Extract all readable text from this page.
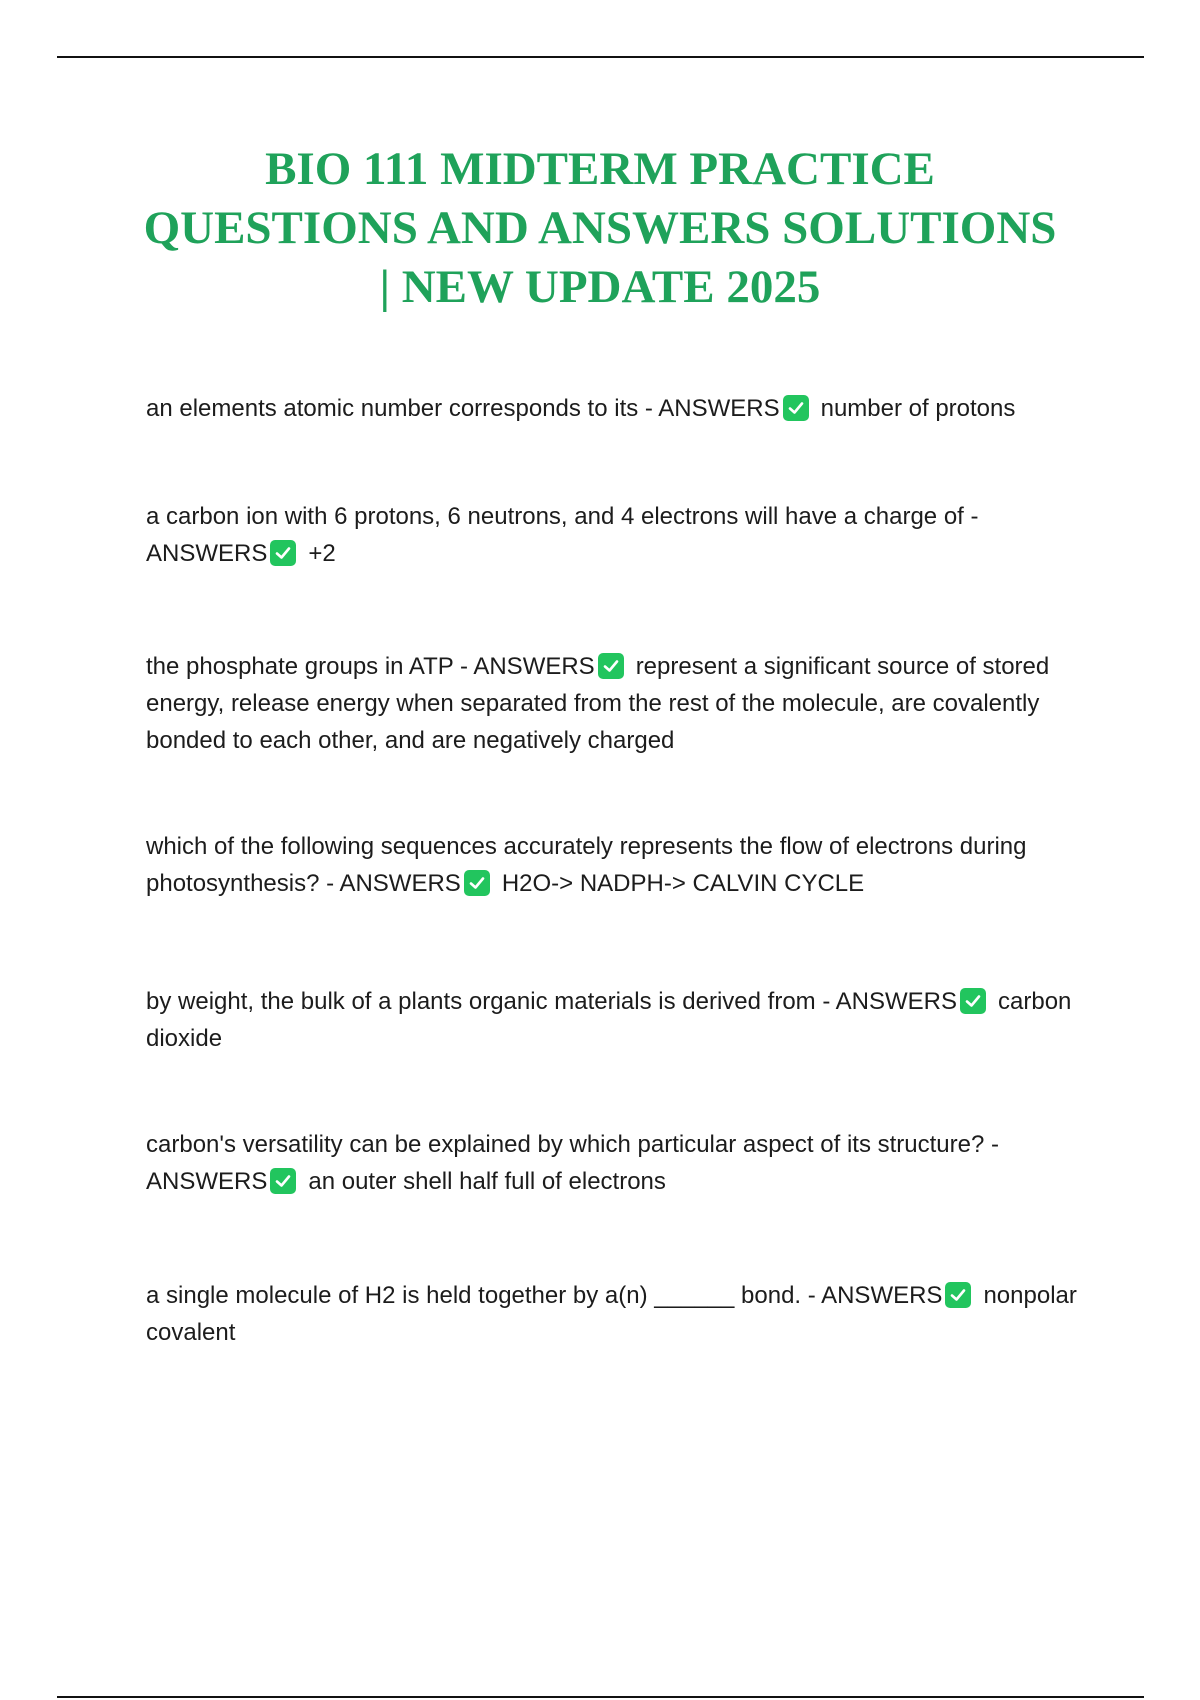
BIO 111 MIDTERM PRACTICE
QUESTIONS AND ANSWERS SOLUTIONS
| NEW UPDATE 2025

an elements atomic number corresponds to its - ANSWERS number of protons

a carbon ion with 6 protons, 6 neutrons, and 4 electrons will have a charge of - ANSWERS +2

the phosphate groups in ATP - ANSWERS represent a significant source of stored energy, release energy when separated from the rest of the molecule, are covalently bonded to each other, and are negatively charged

which of the following sequences accurately represents the flow of electrons during photosynthesis? - ANSWERS H2O-> NADPH-> CALVIN CYCLE

by weight, the bulk of a plants organic materials is derived from - ANSWERS carbon dioxide

carbon's versatility can be explained by which particular aspect of its structure? - ANSWERS an outer shell half full of electrons

a single molecule of H2 is held together by a(n) ______ bond. - ANSWERS nonpolar covalent
